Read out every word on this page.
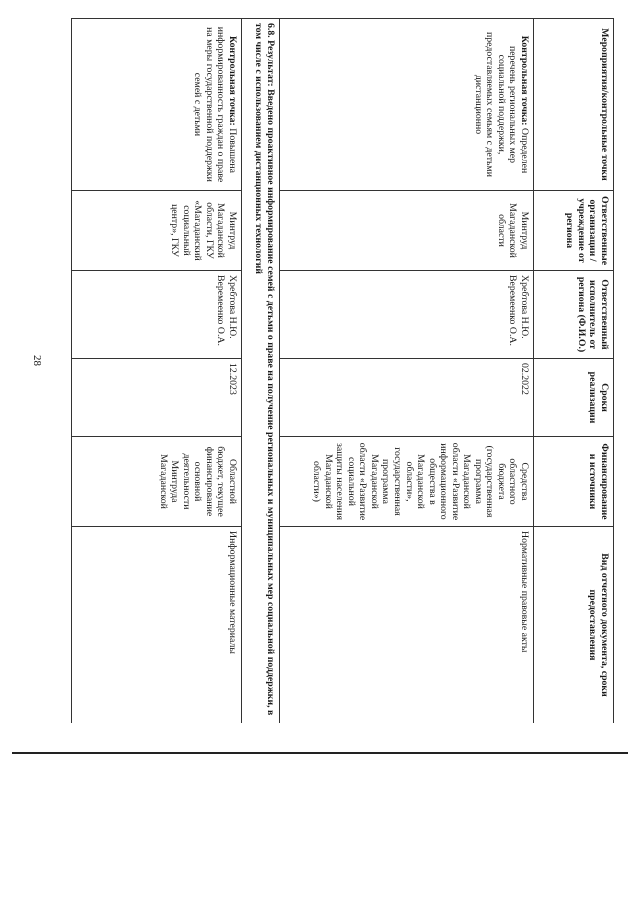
28
Мероприятия/контрольные точки	Ответственные организации / учреждение от региона	Ответственный исполнитель от региона (Ф.И.О.)	Сроки реализации	Финансирование и источники	Вид отчетного документа, сроки предоставления
Контрольная точка: Определен перечень региональных мер социальной поддержки, предоставляемых семьям с детьми дистанционно	Минтруд Магаданской области	Хребтова Н.Ю. Веремеенко О.А.	02.2022	Средства областного бюджета (государственная программа Магаданской области «Развитие информационного общества в Магаданской области», государственная программа Магаданской области «Развитие социальной защиты населения Магаданской области»)	Нормативные правовые акты
6.8. Результат: Введено проактивное информирование семей с детьми о праве на получение региональных и муниципальных мер социальной поддержки, в том числе с использованием дистанционных технологий					
Контрольная точка: Повышена информированность граждан о праве на меры государственной поддержки семей с детьми	Минтруд Магаданской области, ГКУ «Магаданский социальный центр», ГКУ	Хребтова Н.Ю. Веремеенко О.А.	12.2023	Областной бюджет, текущее финансирование основной деятельности Минтруда Магаданской	Информационные материалы
